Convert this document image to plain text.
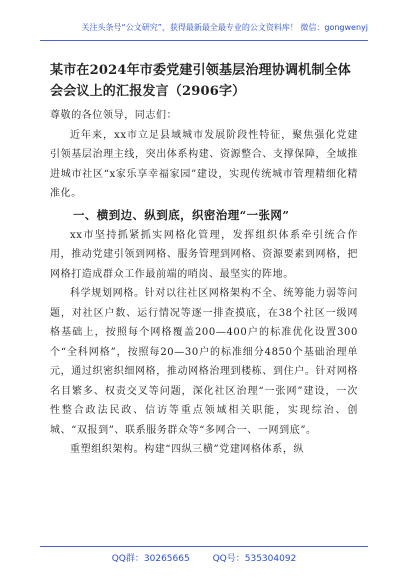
关注头条号“公文研究”，获得最新最全最专业的公文资料库！ 微信：gongwenyj
某市在2024年市委党建引领基层治理协调机制全体会会议上的汇报发言（2906字）

尊敬的各位领导，同志们：

近年来，xx市立足县域城市发展阶段性特征，聚焦强化党建引领基层治理主线，突出体系构建、资源整合、支撑保障，全域推进城市社区“x家乐享幸福家园”建设，实现传统城市管理精细化精准化。

一、横到边、纵到底，织密治理“一张网”

xx市坚持抓紧抓实网格化管理，发挥组织体系牵引统合作用，推动党建引领到网格、服务管理到网格、资源要素到网格，把网格打造成群众工作最前端的哨岗、最坚实的阵地。

科学规划网格。针对以往社区网格架构不全、统筹能力弱等问题，对社区户数、运行情况等逐一排查摸底，在38个社区一级网格基础上，按照每个网格覆盖200—400户的标准优化设置300个“全科网格”，按照每20—30户的标准细分4850个基础治理单元，通过织密织细网格，推动网格治理到楼栋、到住户。针对网格名目繁多、权责交叉等问题，深化社区治理“一张网”建设，一次性整合政法民政、信访等重点领域相关职能，实现综治、创城、“双报到”、联系服务群众等“多网合一、一网到底”。

重塑组织架构。构建“四纵三横”党建网格体系，纵

QQ群：30265665	QQ号：535304092
